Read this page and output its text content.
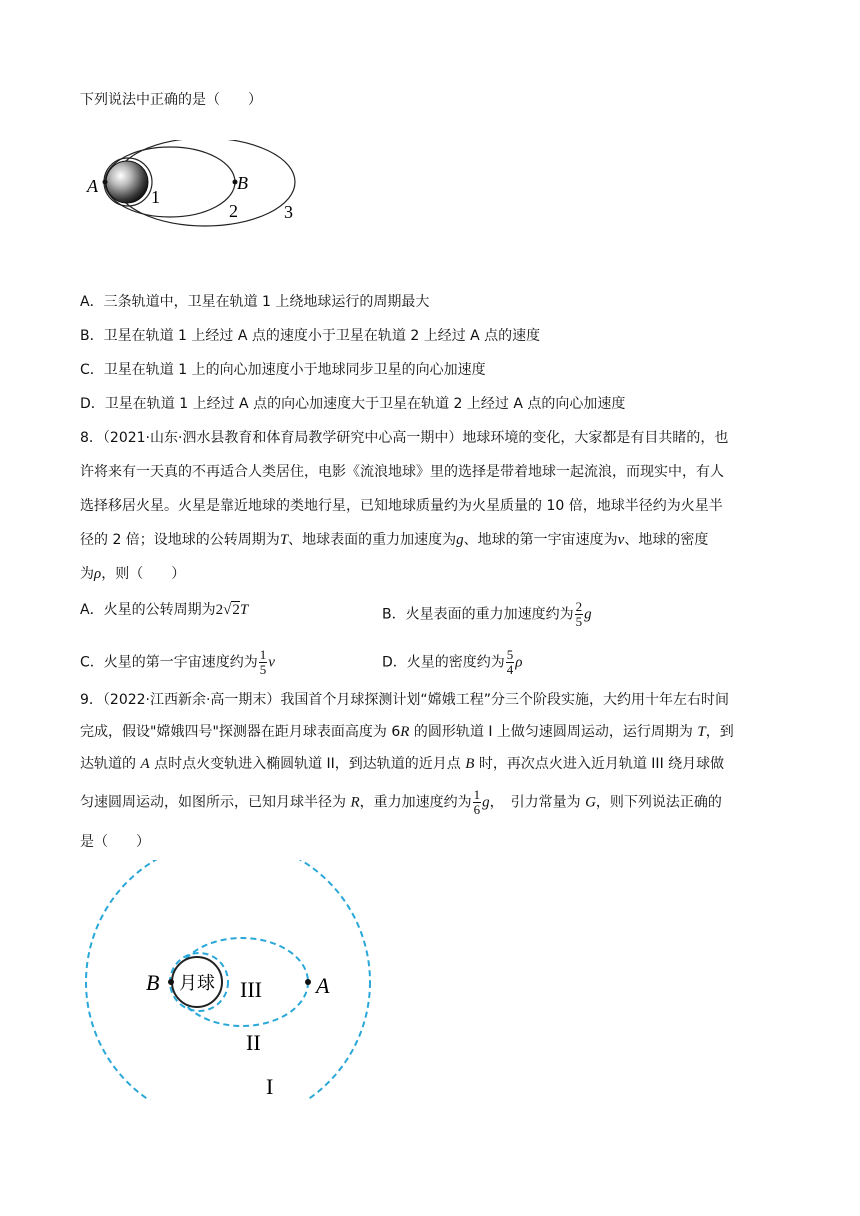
下列说法中正确的是（　　）
A	B
1
2	3
A．三条轨道中，卫星在轨道 1 上绕地球运行的周期最大
B．卫星在轨道 1 上经过 A 点的速度小于卫星在轨道 2 上经过 A 点的速度
C．卫星在轨道 1 上的向心加速度小于地球同步卫星的向心加速度
D．卫星在轨道 1 上经过 A 点的向心加速度大于卫星在轨道 2 上经过 A 点的向心加速度
8．（2021·山东·泗水县教育和体育局教学研究中心高一期中）地球环境的变化，大家都是有目共睹的，也
许将来有一天真的不再适合人类居住，电影《流浪地球》里的选择是带着地球一起流浪，而现实中，有人
选择移居火星。火星是靠近地球的类地行星，已知地球质量约为火星质量的 10 倍，地球半径约为火星半
径的 2 倍；设地球的公转周期为T、地球表面的重力加速度为g、地球的第一宇宙速度为v、地球的密度
为ρ，则（　　）
A．火星的公转周期为2√2T	B．火星表面的重力加速度约为 $\frac{2}{5}$ g
C．火星的第一宇宙速度约为 $\frac{1}{5}$ v	D．火星的密度约为 $\frac{5}{4}$ ρ
9．（2022·江西新余·高一期末）我国首个月球探测计划“嫦娥工程”分三个阶段实施，大约用十年左右时间
完成，假设"嫦娥四号"探测器在距月球表面高度为 6R 的圆形轨道 I 上做匀速圆周运动，运行周期为 T，到
达轨道的 A 点时点火变轨进入椭圆轨道 II，到达轨道的近月点 B 时，再次点火进入近月轨道 III 绕月球做
匀速圆周运动，如图所示，已知月球半径为 R，重力加速度约为 $\frac{1}{6}$ g，　引力常量为 G，则下列说法正确的
是（　　）
月球
B	A
III
II
I
